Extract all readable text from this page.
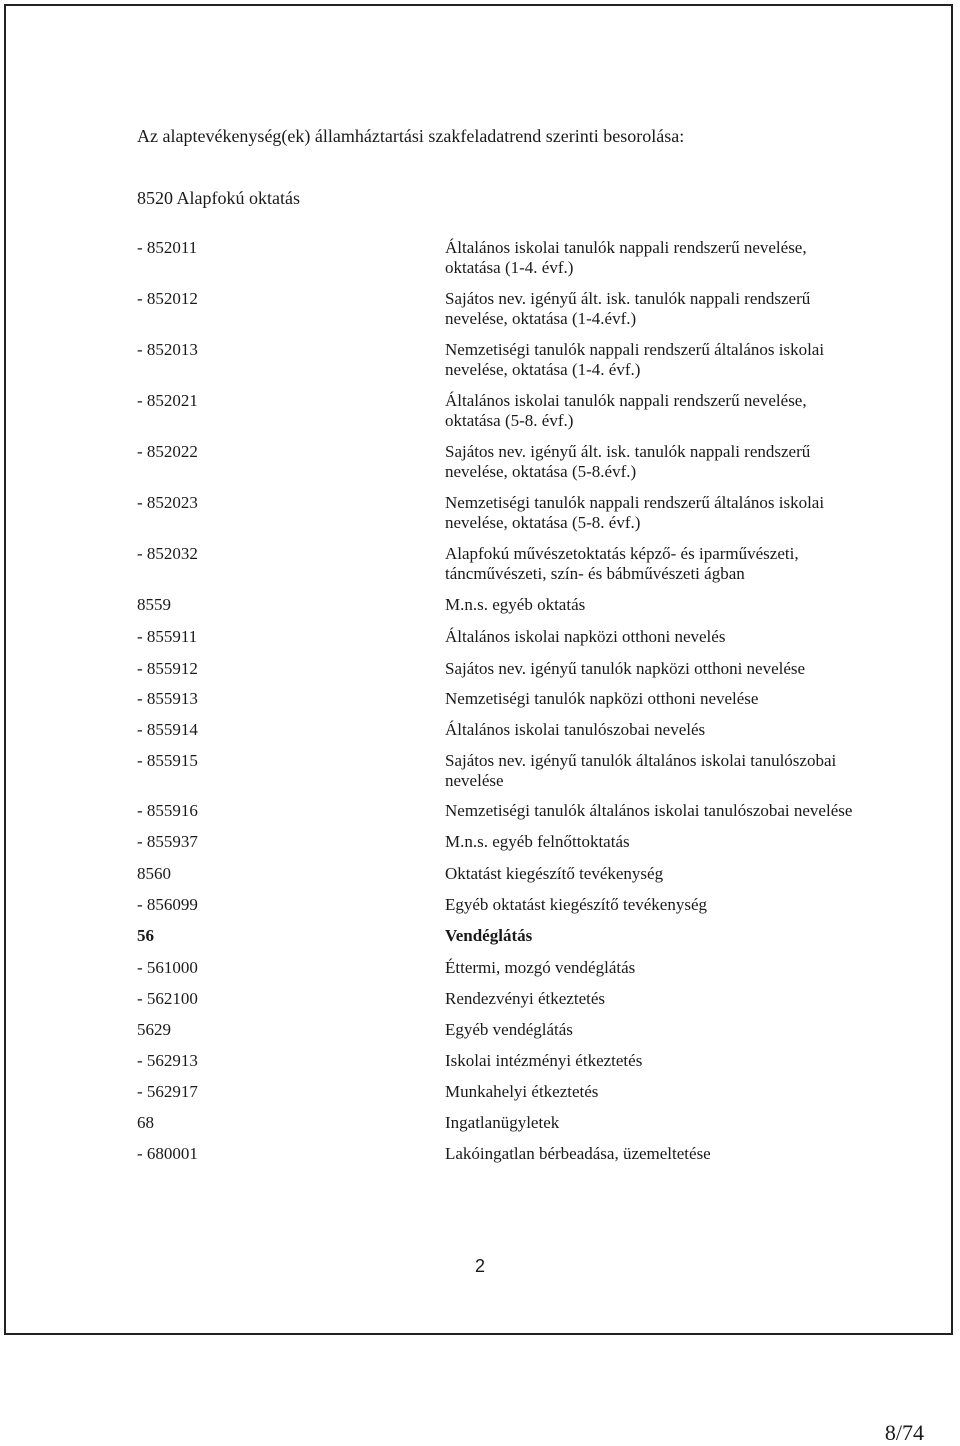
Az alaptevékenység(ek) államháztartási szakfeladatrend szerinti besorolása:
8520 Alapfokú oktatás
- 852011	Általános iskolai tanulók nappali rendszerű nevelése, oktatása (1-4. évf.)
- 852012	Sajátos nev. igényű ált. isk. tanulók nappali rendszerű nevelése, oktatása (1-4.évf.)
- 852013	Nemzetiségi tanulók nappali rendszerű általános iskolai nevelése, oktatása (1-4. évf.)
- 852021	Általános iskolai tanulók nappali rendszerű nevelése, oktatása (5-8. évf.)
- 852022	Sajátos nev. igényű ált. isk. tanulók nappali rendszerű nevelése, oktatása (5-8.évf.)
- 852023	Nemzetiségi tanulók nappali rendszerű általános iskolai nevelése, oktatása (5-8. évf.)
- 852032	Alapfokú művészetoktatás képző- és iparművészeti, táncművészeti, szín- és bábművészeti ágban
8559	M.n.s. egyéb oktatás
- 855911	Általános iskolai napközi otthoni nevelés
- 855912	Sajátos nev. igényű tanulók napközi otthoni nevelése
- 855913	Nemzetiségi tanulók napközi otthoni nevelése
- 855914	Általános iskolai tanulószobai nevelés
- 855915	Sajátos nev. igényű tanulók általános iskolai tanulószobai nevelése
- 855916	Nemzetiségi tanulók általános iskolai tanulószobai nevelése
- 855937	M.n.s. egyéb felnőttoktatás
8560	Oktatást kiegészítő tevékenység
- 856099	Egyéb oktatást kiegészítő tevékenység
56	Vendéglátás
- 561000	Éttermi, mozgó vendéglátás
- 562100	Rendezvényi étkeztetés
5629	Egyéb vendéglátás
- 562913	Iskolai intézményi étkeztetés
- 562917	Munkahelyi étkeztetés
68	Ingatlanügyletek
- 680001	Lakóingatlan bérbeadása, üzemeltetése
2
8/74
